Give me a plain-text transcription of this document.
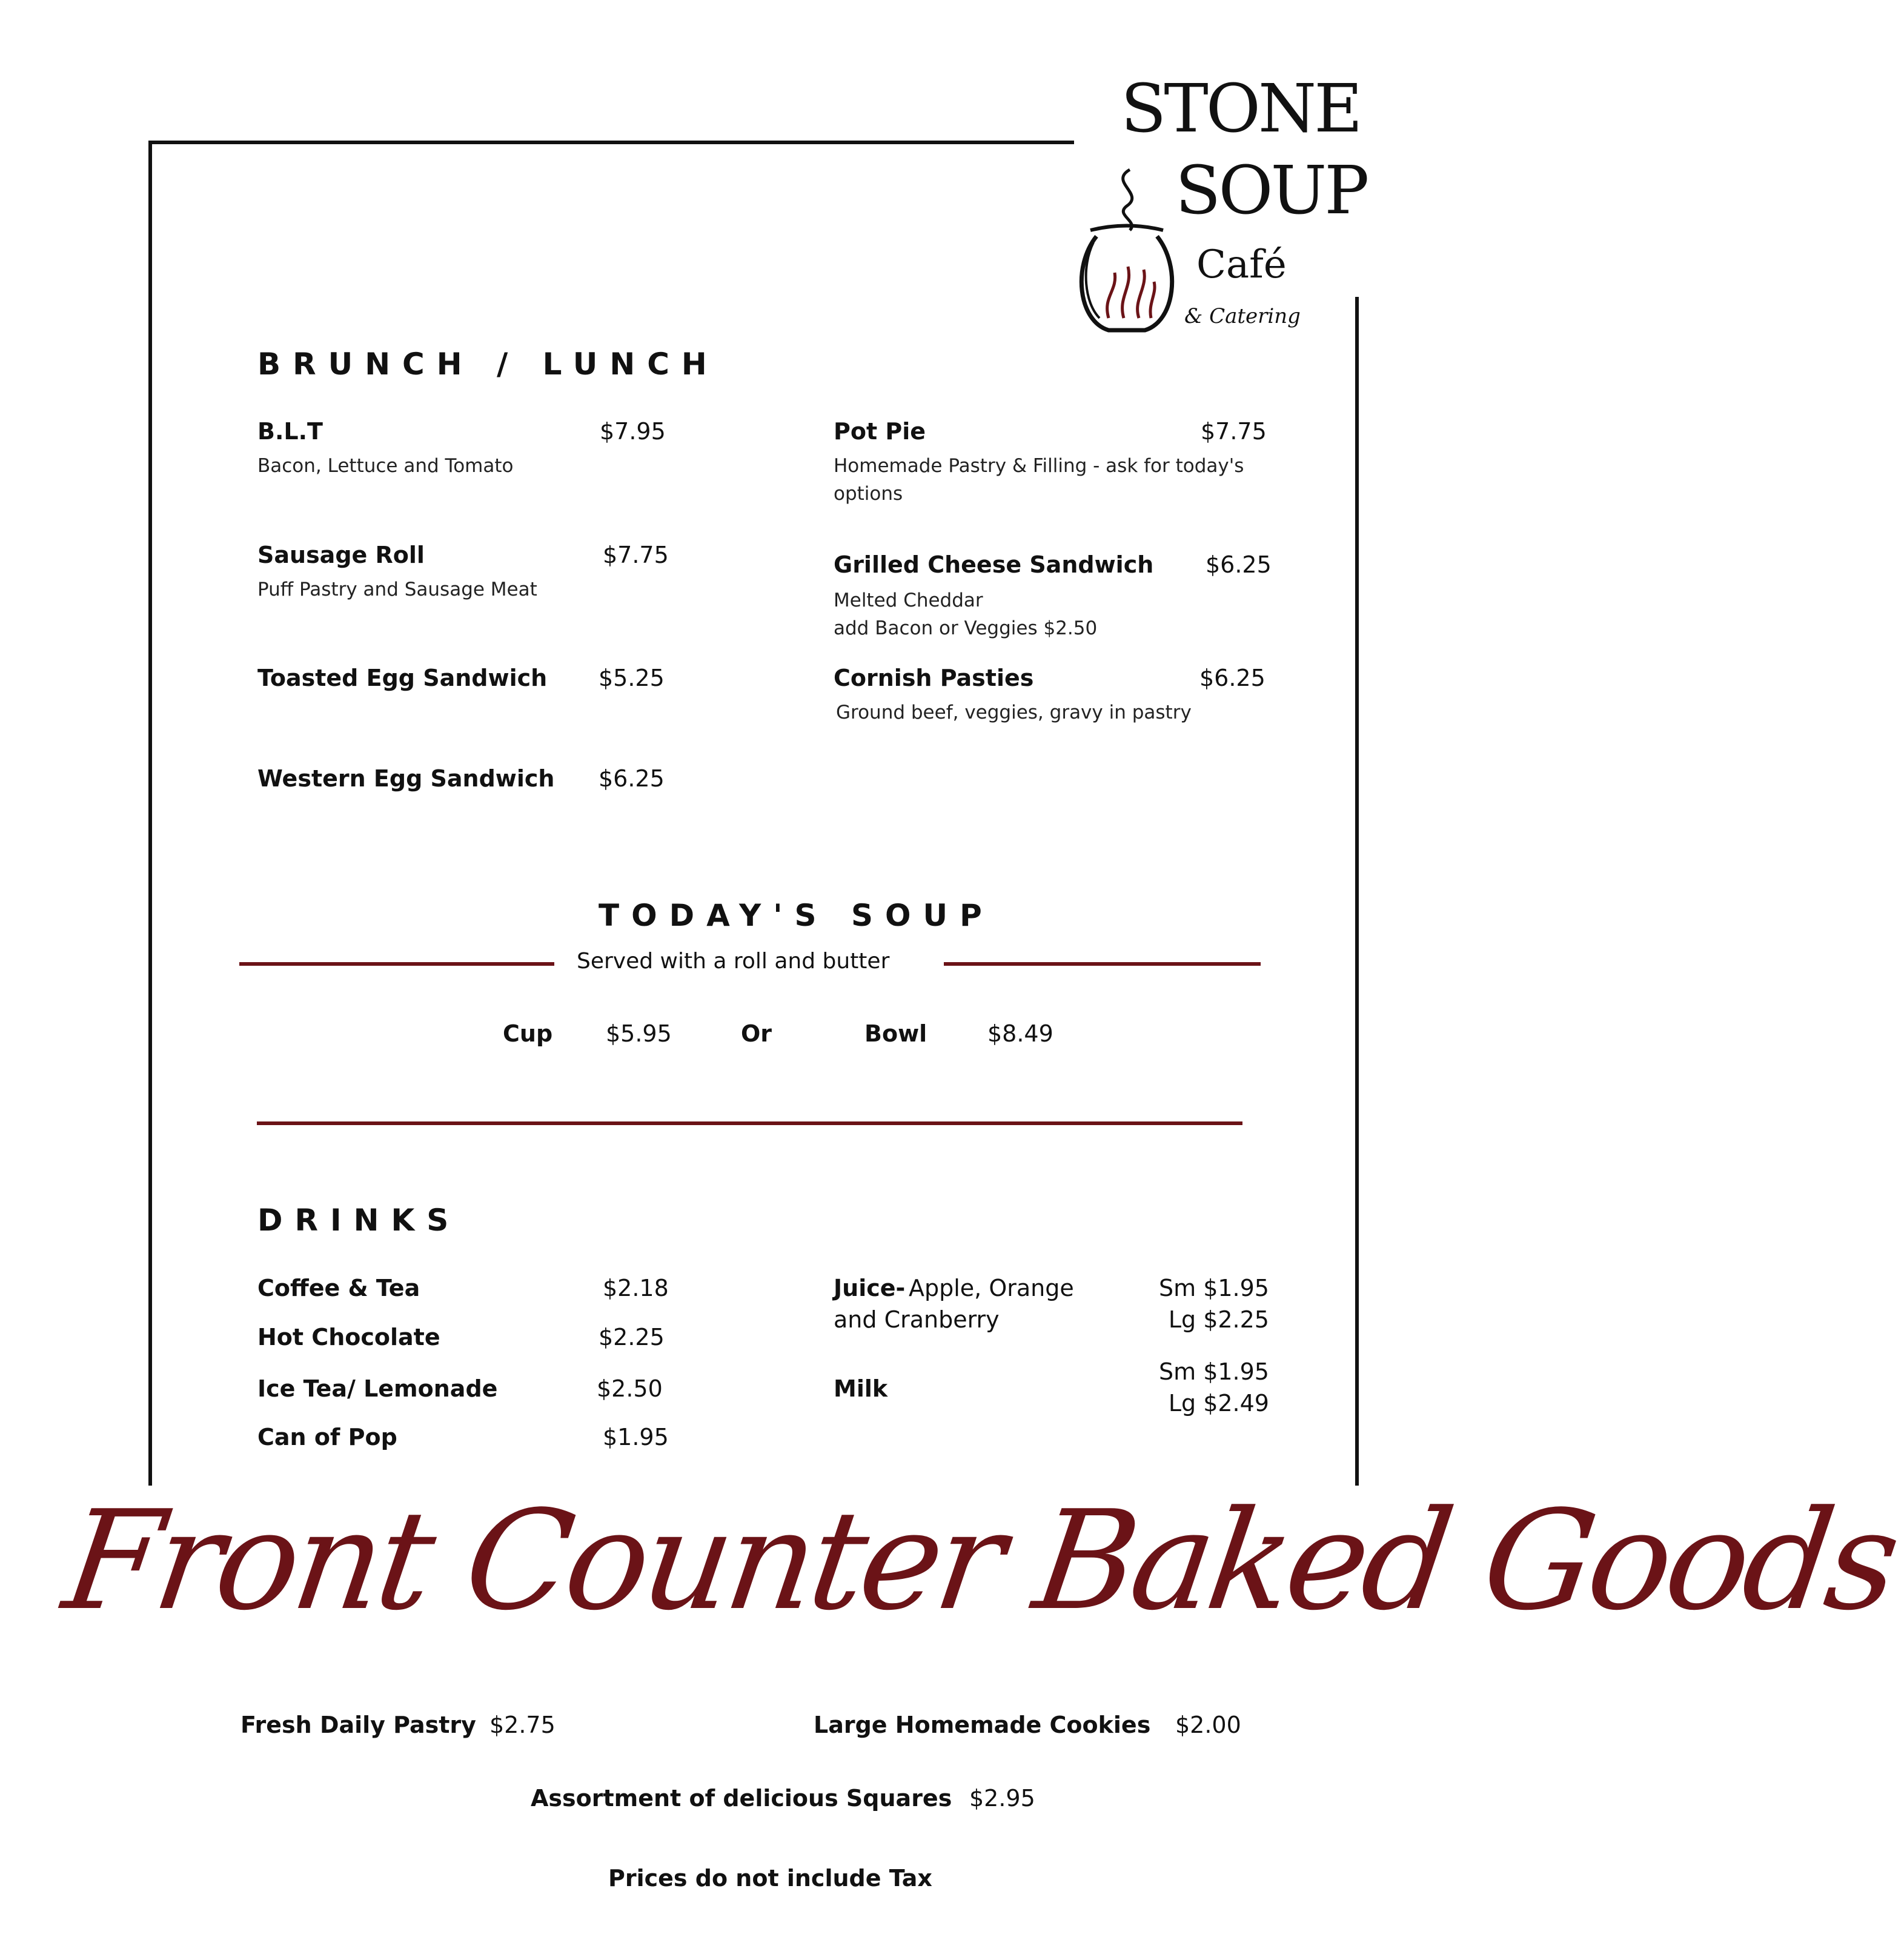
STONE
SOUP
Café
& Catering
BRUNCH / LUNCH
B.L.T	$7.95
Bacon, Lettuce and Tomato
Sausage Roll	$7.75
Puff Pastry and Sausage Meat
Toasted Egg Sandwich $5.25
Western Egg Sandwich $6.25
Pot Pie	$7.75
Homemade Pastry & Filling - ask for today's options
Grilled Cheese Sandwich $6.25
Melted Cheddar
add Bacon or Veggies $2.50
Cornish Pasties	$6.25
Ground beef, veggies, gravy in pastry
TODAY'S SOUP
Served with a roll and butter
Cup $5.95	Or	Bowl	$8.49
DRINKS
Coffee & Tea	$2.18
Hot Chocolate	$2.25
Ice Tea/ Lemonade	$2.50
Can of Pop	$1.95
Juice- Apple, Orange
and Cranberry
Sm $1.95
Lg $2.25
Milk
Sm $1.95
Lg $2.49
Front Counter Baked Goods
Fresh Daily Pastry $2.75	Large Homemade Cookies $2.00
Assortment of delicious Squares $2.95
Prices do not include Tax
